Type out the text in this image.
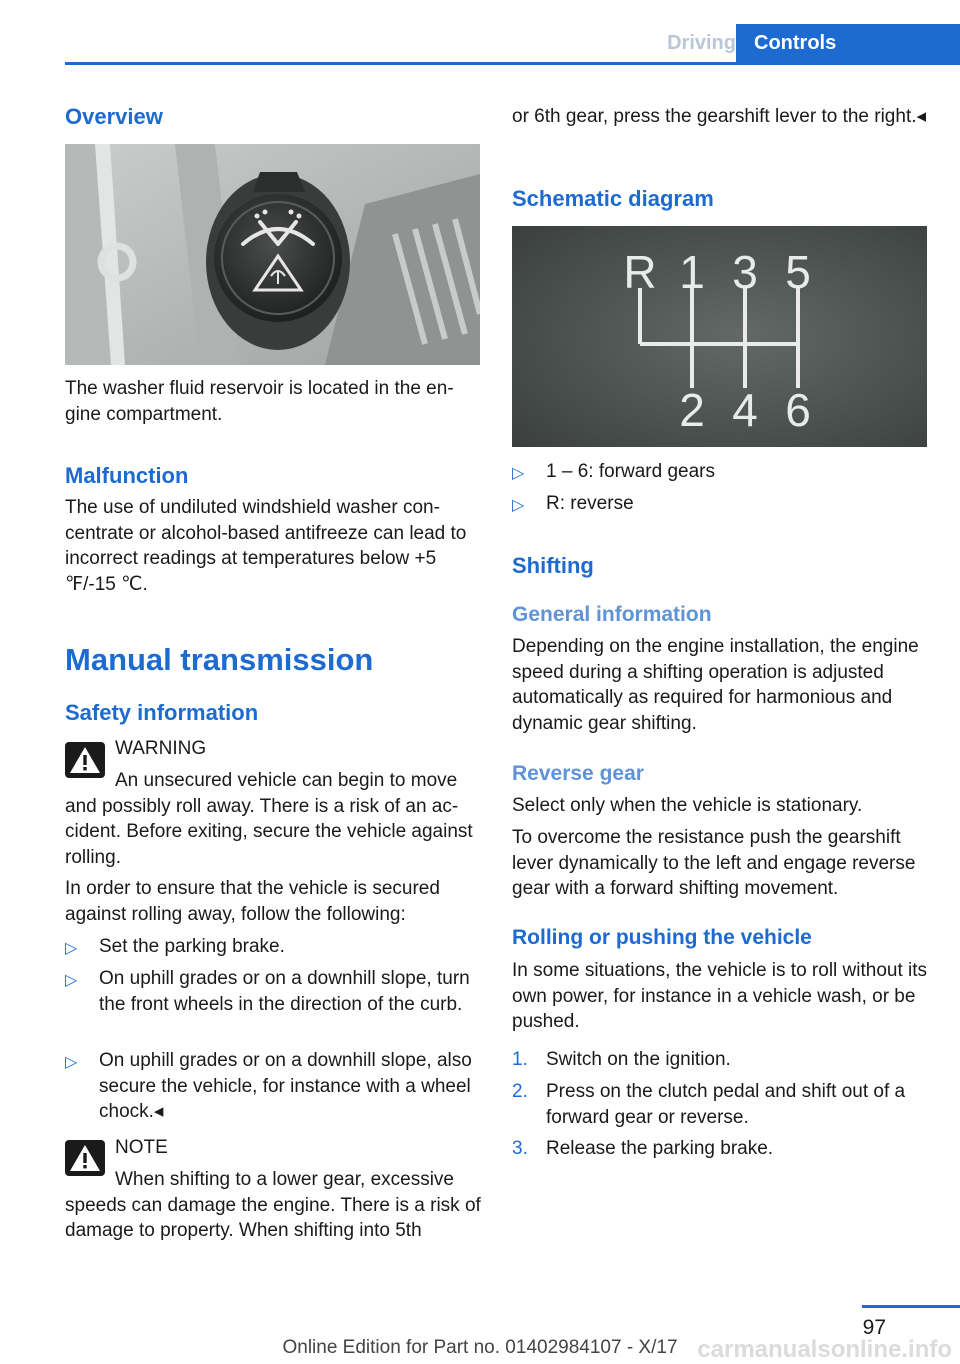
Driving Controls
Overview

The washer fluid reservoir is located in the engine compartment.

Malfunction

The use of undiluted windshield washer concentrate or alcohol-based antifreeze can lead to incorrect readings at temperatures below +5 ℉/-15 ℃.

Manual transmission
Safety information

WARNING

An unsecured vehicle can begin to move and possibly roll away. There is a risk of an accident. Before exiting, secure the vehicle against rolling.

In order to ensure that the vehicle is secured against rolling away, follow the following:

▷ Set the parking brake.
▷ On uphill grades or on a downhill slope, turn the front wheels in the direction of the curb.
▷ On uphill grades or on a downhill slope, also secure the vehicle, for instance with a wheel chock.◂

NOTE

When shifting to a lower gear, excessive speeds can damage the engine. There is a risk of damage to property. When shifting into 5th

or 6th gear, press the gearshift lever to the right.◂

Schematic diagram
R 1 3 5
2 4 6
▷ 1 – 6: forward gears
▷ R: reverse
Shifting
General information

Depending on the engine installation, the engine speed during a shifting operation is adjusted automatically as required for harmonious and dynamic gear shifting.

Reverse gear

Select only when the vehicle is stationary.

To overcome the resistance push the gearshift lever dynamically to the left and engage reverse gear with a forward shifting movement.

Rolling or pushing the vehicle

In some situations, the vehicle is to roll without its own power, for instance in a vehicle wash, or be pushed.

1. Switch on the ignition.
2. Press on the clutch pedal and shift out of a forward gear or reverse.
3. Release the parking brake.
97
Online Edition for Part no. 01402984107 - X/17 carmanualsonline.info
